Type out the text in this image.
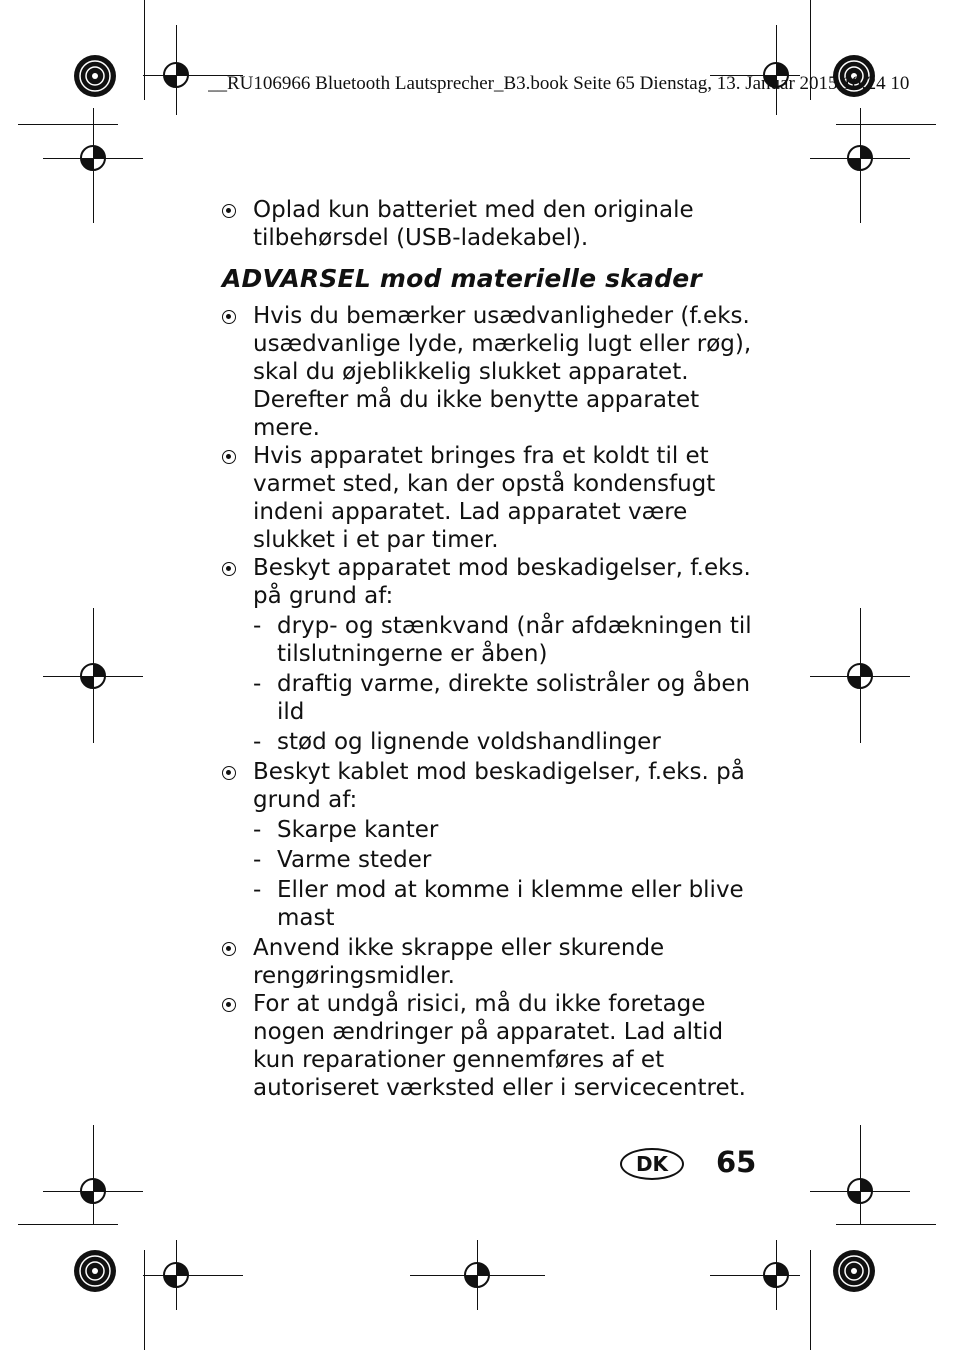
__RU106966 Bluetooth Lautsprecher_B3.book Seite 65 Dienstag, 13. Januar 2015 10:24 10
Oplad kun batteriet med den originale tilbehørsdel (USB-ladekabel).
ADVARSEL mod materielle skader
Hvis du bemærker usædvanligheder (f.eks. usædvanlige lyde, mærkelig lugt eller røg), skal du øjeblikkelig slukket apparatet. Derefter må du ikke benytte apparatet mere.
Hvis apparatet bringes fra et koldt til et varmet sted, kan der opstå kondensfugt indeni apparatet. Lad apparatet være slukket i et par timer.
Beskyt apparatet mod beskadigelser, f.eks. på grund af:
- dryp- og stænkvand (når afdækningen til tilslutningerne er åben)
- draftig varme, direkte solistråler og åben ild
- stød og lignende voldshandlinger
Beskyt kablet mod beskadigelser, f.eks. på grund af:
- Skarpe kanter
- Varme steder
- Eller mod at komme i klemme eller blive mast
Anvend ikke skrappe eller skurende rengøringsmidler.
For at undgå risici, må du ikke foretage nogen ændringer på apparatet. Lad altid kun reparationer gennemføres af et autoriseret værksted eller i servicecentret.
DK	65
